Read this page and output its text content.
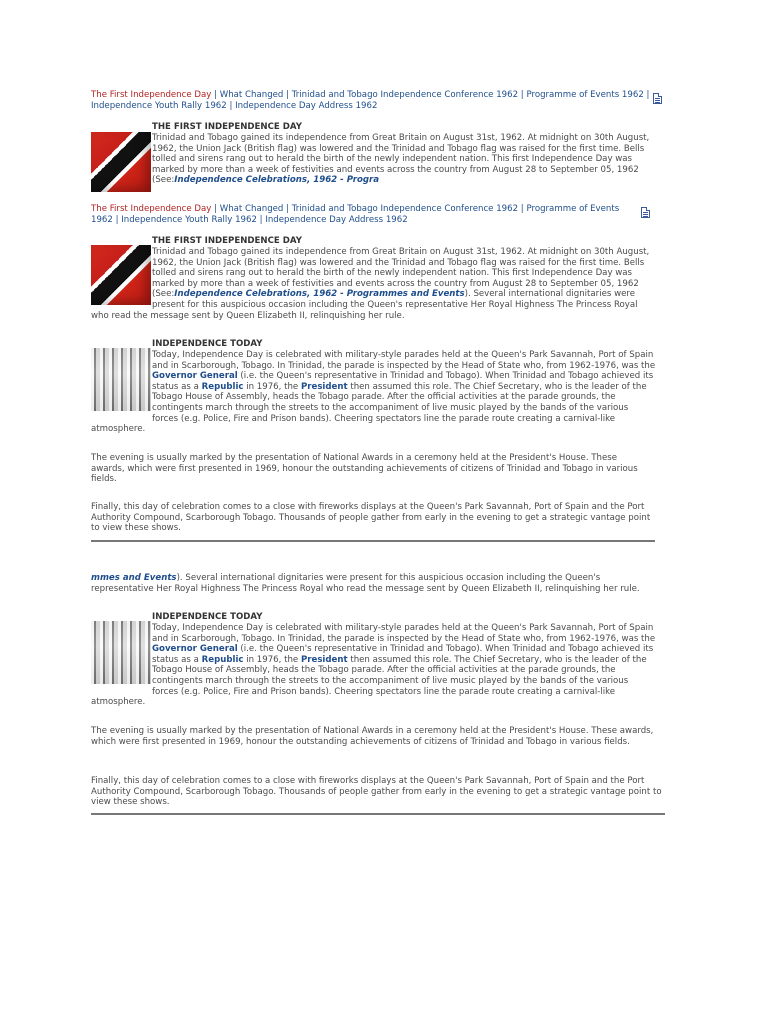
The First Independence Day | What Changed | Trinidad and Tobago Independence Conference 1962 | Programme of Events 1962 | Independence Youth Rally 1962 | Independence Day Address 1962
THE FIRST INDEPENDENCE DAY
Trinidad and Tobago gained its independence from Great Britain on August 31st, 1962. At midnight on 30th August, 1962, the Union Jack (British flag) was lowered and the Trinidad and Tobago flag was raised for the first time. Bells tolled and sirens rang out to herald the birth of the newly independent nation. This first Independence Day was marked by more than a week of festivities and events across the country from August 28 to September 05, 1962 (See:Independence Celebrations, 1962 - Progra
The First Independence Day | What Changed | Trinidad and Tobago Independence Conference 1962 | Programme of Events 1962 | Independence Youth Rally 1962 | Independence Day Address 1962
THE FIRST INDEPENDENCE DAY
Trinidad and Tobago gained its independence from Great Britain on August 31st, 1962. At midnight on 30th August, 1962, the Union Jack (British flag) was lowered and the Trinidad and Tobago flag was raised for the first time. Bells tolled and sirens rang out to herald the birth of the newly independent nation. This first Independence Day was marked by more than a week of festivities and events across the country from August 28 to September 05, 1962 (See:Independence Celebrations, 1962 - Programmes and Events). Several international dignitaries were present for this auspicious occasion including the Queen's representative Her Royal Highness The Princess Royal who read the message sent by Queen Elizabeth II, relinquishing her rule.
INDEPENDENCE TODAY
Today, Independence Day is celebrated with military-style parades held at the Queen's Park Savannah, Port of Spain and in Scarborough, Tobago. In Trinidad, the parade is inspected by the Head of State who, from 1962-1976, was the Governor General (i.e. the Queen's representative in Trinidad and Tobago). When Trinidad and Tobago achieved its status as a Republic in 1976, the President then assumed this role. The Chief Secretary, who is the leader of the Tobago House of Assembly, heads the Tobago parade. After the official activities at the parade grounds, the contingents march through the streets to the accompaniment of live music played by the bands of the various forces (e.g. Police, Fire and Prison bands). Cheering spectators line the parade route creating a carnival-like atmosphere.
The evening is usually marked by the presentation of National Awards in a ceremony held at the President's House. These awards, which were first presented in 1969, honour the outstanding achievements of citizens of Trinidad and Tobago in various fields.
Finally, this day of celebration comes to a close with fireworks displays at the Queen's Park Savannah, Port of Spain and the Port Authority Compound, Scarborough Tobago. Thousands of people gather from early in the evening to get a strategic vantage point to view these shows.
mmes and Events). Several international dignitaries were present for this auspicious occasion including the Queen's representative Her Royal Highness The Princess Royal who read the message sent by Queen Elizabeth II, relinquishing her rule.
INDEPENDENCE TODAY
Today, Independence Day is celebrated with military-style parades held at the Queen's Park Savannah, Port of Spain and in Scarborough, Tobago. In Trinidad, the parade is inspected by the Head of State who, from 1962-1976, was the Governor General (i.e. the Queen's representative in Trinidad and Tobago). When Trinidad and Tobago achieved its status as a Republic in 1976, the President then assumed this role. The Chief Secretary, who is the leader of the Tobago House of Assembly, heads the Tobago parade. After the official activities at the parade grounds, the contingents march through the streets to the accompaniment of live music played by the bands of the various forces (e.g. Police, Fire and Prison bands). Cheering spectators line the parade route creating a carnival-like atmosphere.
The evening is usually marked by the presentation of National Awards in a ceremony held at the President's House. These awards, which were first presented in 1969, honour the outstanding achievements of citizens of Trinidad and Tobago in various fields.
Finally, this day of celebration comes to a close with fireworks displays at the Queen's Park Savannah, Port of Spain and the Port Authority Compound, Scarborough Tobago. Thousands of people gather from early in the evening to get a strategic vantage point to view these shows.
